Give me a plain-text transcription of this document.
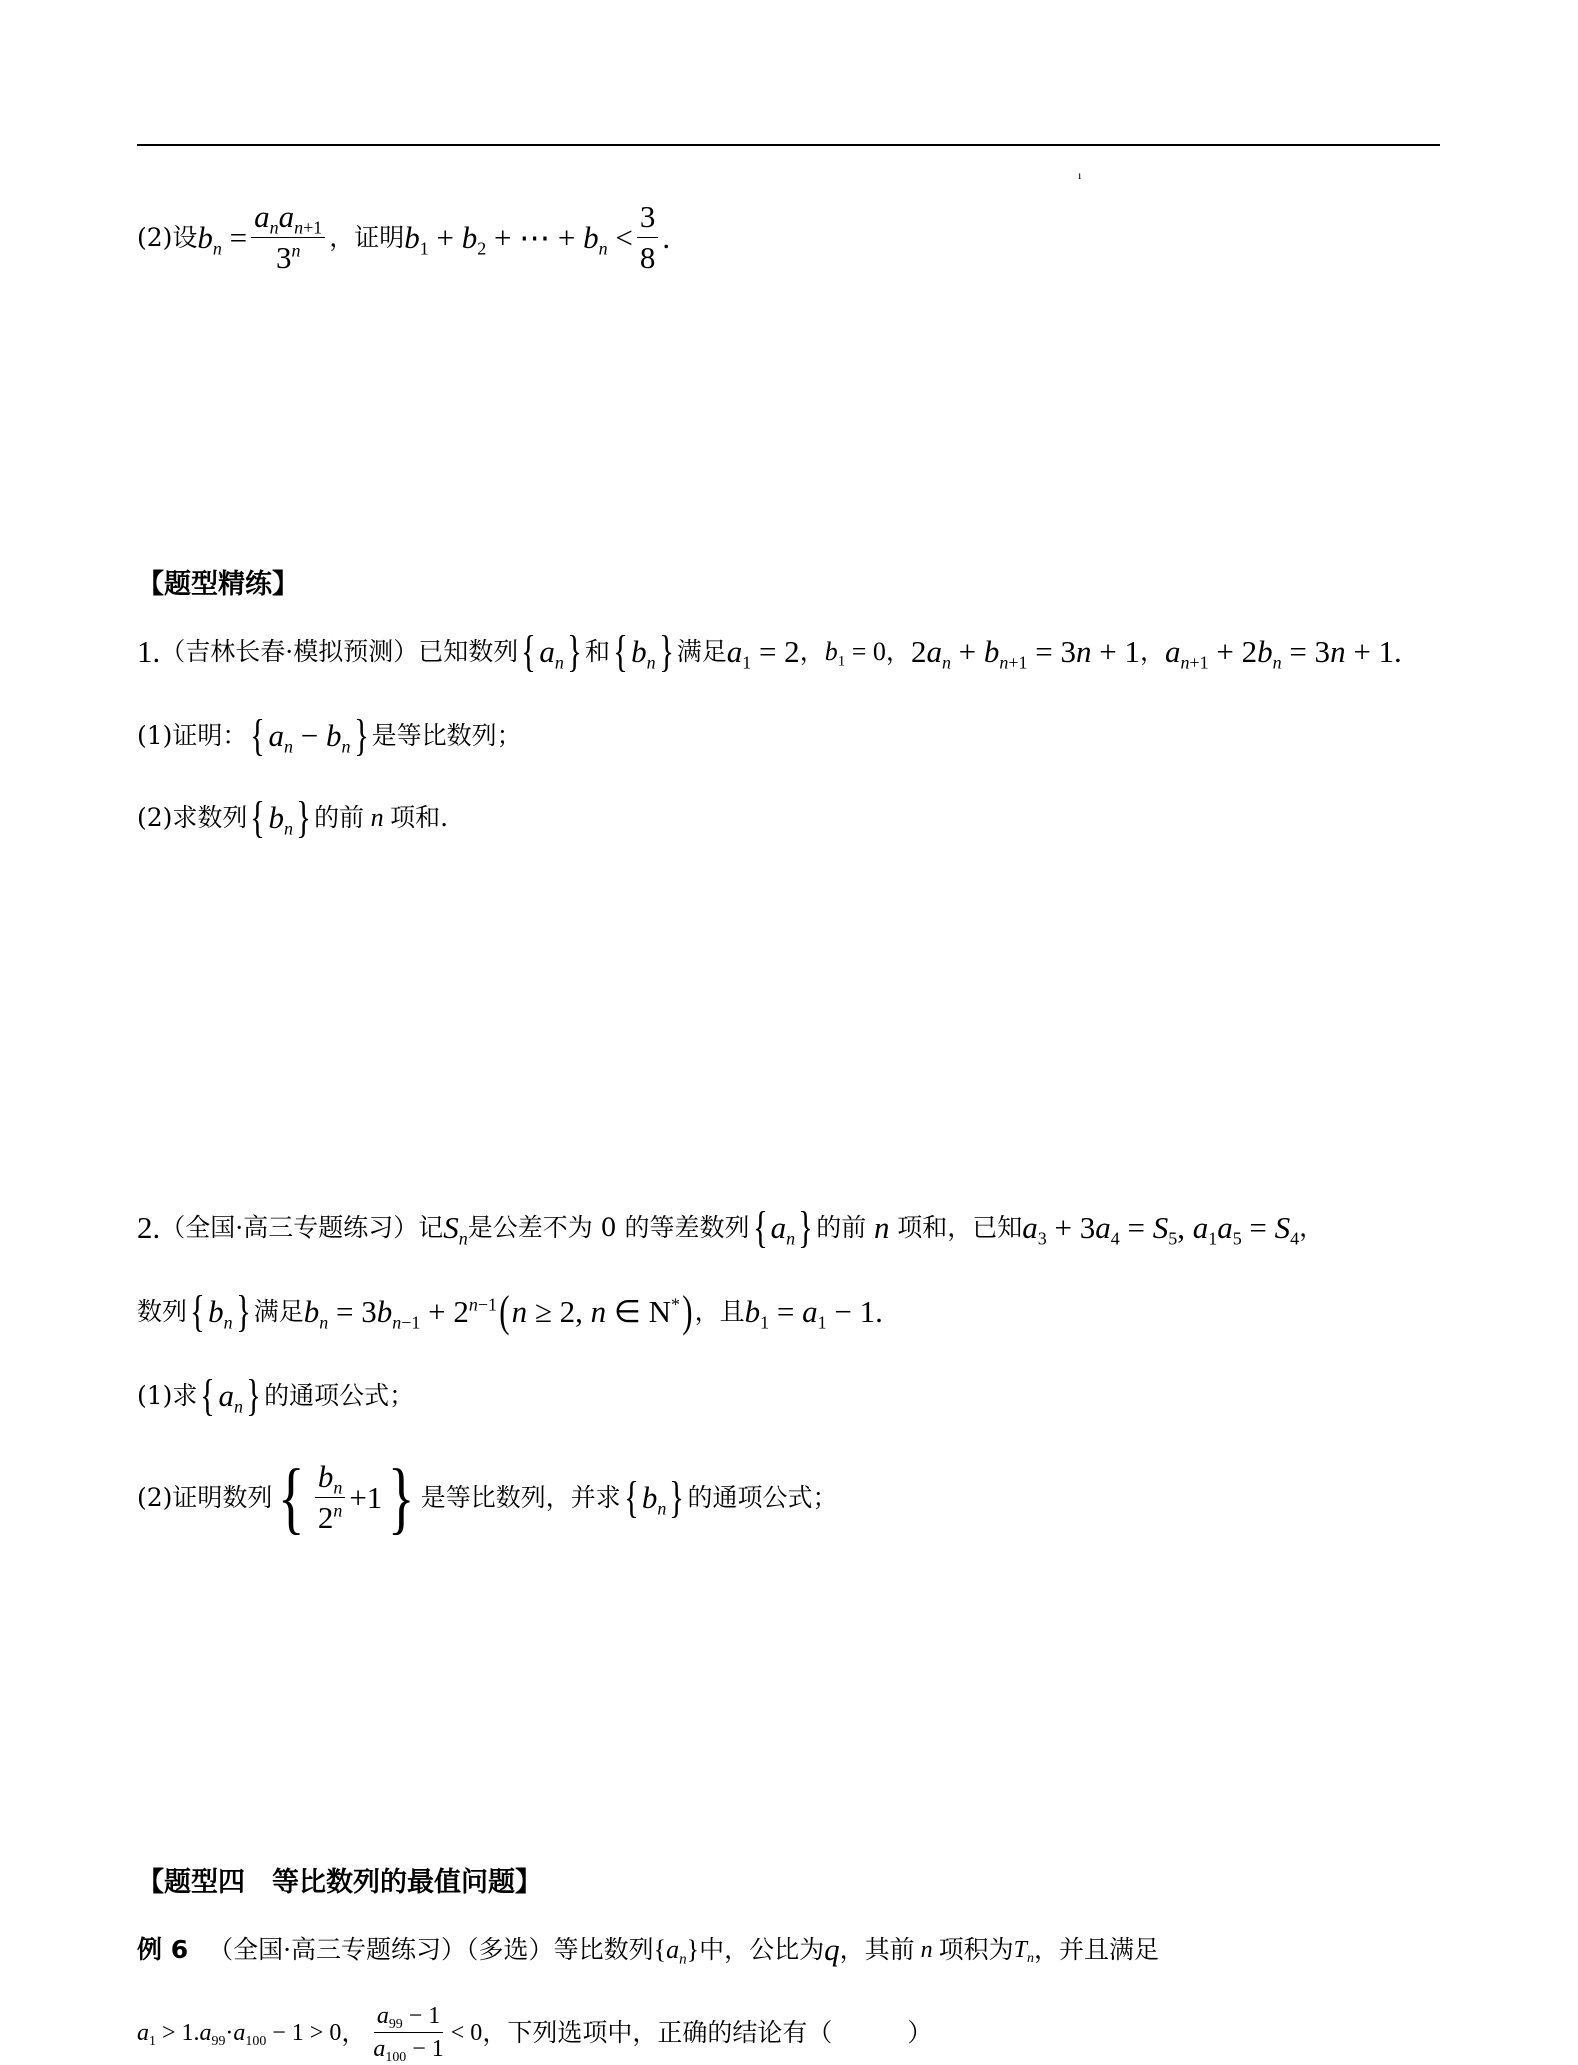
ı
(2)设 $b_n = \frac{a_na_{n+1}}{3^n}$ ，证明 $b_1 + b_2$ + ⋯ + $b_n < \frac{3}{8}$ .
【题型精练】
1. （吉林长春·模拟预测） 已知数列 { $a_n$ } 和 { $b_n$ } 满足 $a_1 = 2$ ， $b_1 = 0$ ， $2a_n + b_{n+1} = 3n + 1$ ， $a_{n+1} + 2b_n = 3n + 1$ .
(1)证明： { $a_n - b_n$ } 是等比数列；
(2)求数列 { $b_n$ } 的前 n 项和.
2. （全国·高三专题练习） 记 $S_n$ 是公差不为 0 的等差数列 { $a_n$ } 的前 n 项和，已知 $a_3 + 3a_4 = S_5$, $a_1a_5 = S_4$ ，
数列 { $b_n$ } 满足 $b_n = 3b_{n-1} + 2^{n-1}$ ( n ≥ 2, n ∈ N* ) ，且 $b_1 = a_1 - 1$ .
(1)求 { $a_n$ } 的通项公式；
(2)证明数列 { $\frac{b_n}{2^n} +1$ } 是等比数列，并求 { $b_n$ } 的通项公式；
【题型四　等比数列的最值问题】
例 6 （全国·高三专题练习）（多选） 等比数列 $\{a_n\}$ 中，公比为 q ，其前 n 项积为 $T_n$ ，并且满足
$a_1 > 1$ . $a_{99}\cdot a_{100} - 1 > 0$ ， $\frac{a_{99} - 1}{a_{100} - 1} < 0$ ，下列选项中，正确的结论有（　　　）
